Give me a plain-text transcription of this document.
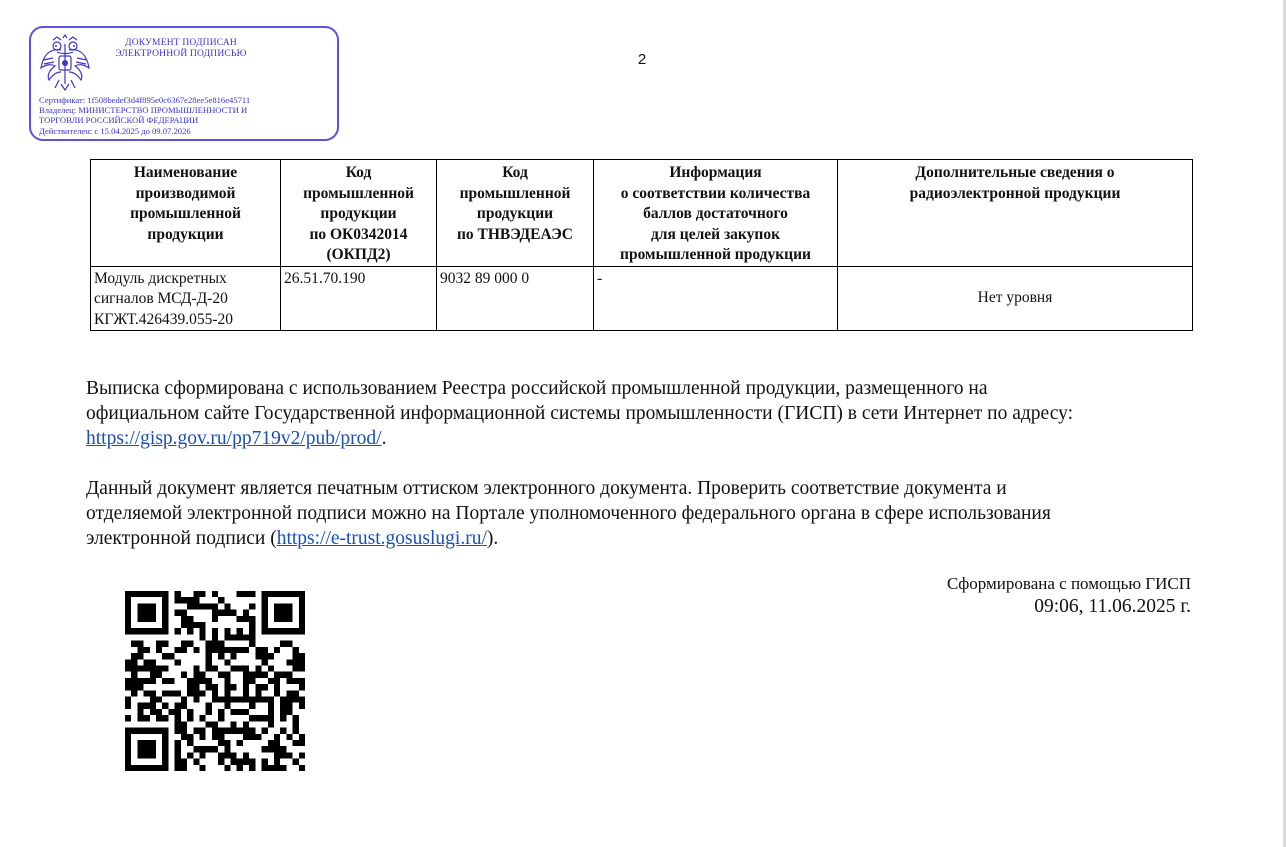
ДОКУМЕНТ ПОДПИСАН
ЭЛЕКТРОННОЙ ПОДПИСЬЮ
Сертификат: 1f508bedef3d4f895e0c6367e28ee5e816e45711
Владелец: МИНИСТЕРСТВО ПРОМЫШЛЕННОСТИ И
ТОРГОВЛИ РОССИЙСКОЙ ФЕДЕРАЦИИ
Действителен: с 15.04.2025 до 09.07.2026
2
Наименование
производимой
промышленной
продукции	Код
промышленной
продукции
по ОК0342014
(ОКПД2)	Код
промышленной
продукции
по ТНВЭДЕАЭС	Информация
о соответствии количества
баллов достаточного
для целей закупок
промышленной продукции	Дополнительные сведения о
радиоэлектронной продукции

Модуль дискретных
сигналов МСД-Д-20
КГЖТ.426439.055-20	26.51.70.190	9032 89 000 0	-	Нет уровня
Выписка сформирована с использованием Реестра российской промышленной продукции, размещенного на
официальном сайте Государственной информационной системы промышленности (ГИСП) в сети Интернет по адресу:
https://gisp.gov.ru/pp719v2/pub/prod/.
Данный документ является печатным оттиском электронного документа. Проверить соответствие документа и
отделяемой электронной подписи можно на Портале уполномоченного федерального органа в сфере использования
электронной подписи (https://e-trust.gosuslugi.ru/).
Сформирована с помощью ГИСП
09:06, 11.06.2025 г.
